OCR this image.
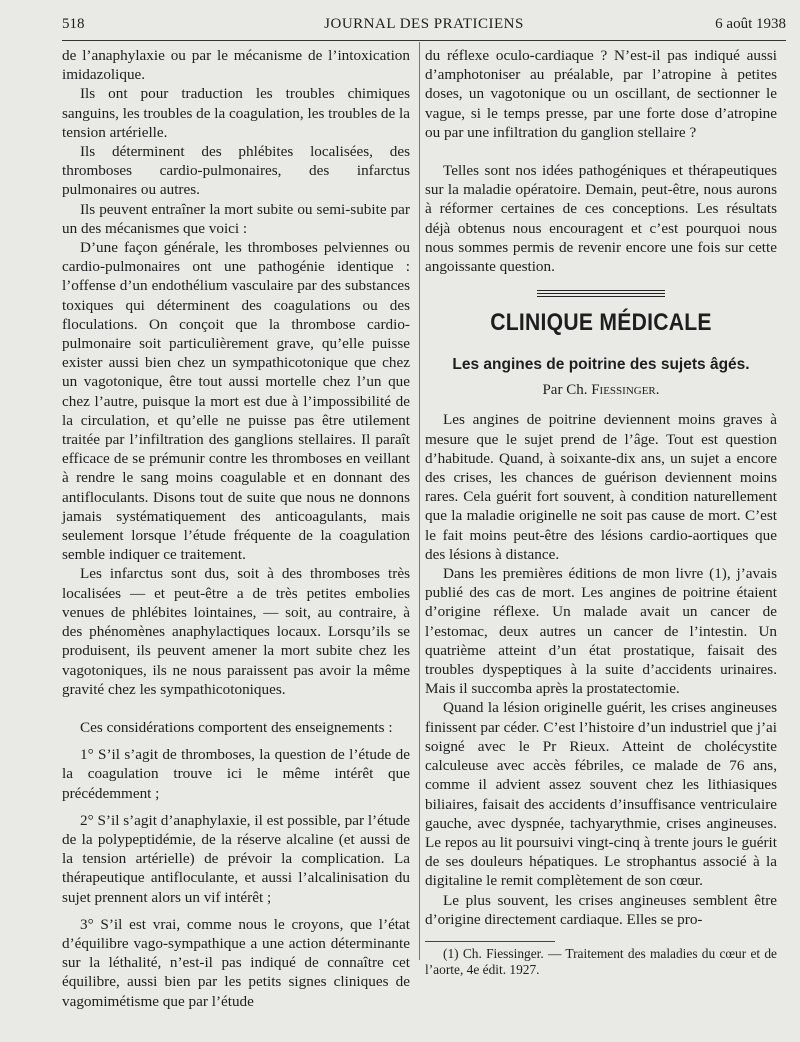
518	JOURNAL DES PRATICIENS	6 août 1938

de l’anaphylaxie ou par le mécanisme de l’intoxication imidazolique.

Ils ont pour traduction les troubles chimiques sanguins, les troubles de la coagulation, les troubles de la tension artérielle.

Ils déterminent des phlébites localisées, des thromboses cardio-pulmonaires, des infarctus pulmonaires ou autres.

Ils peuvent entraîner la mort subite ou semi-subite par un des mécanismes que voici :

D’une façon générale, les thromboses pelviennes ou cardio-pulmonaires ont une pathogénie identique : l’offense d’un endothélium vasculaire par des substances toxiques qui déterminent des coagulations ou des floculations. On conçoit que la thrombose cardio-pulmonaire soit particulièrement grave, qu’elle puisse exister aussi bien chez un sympathicotonique que chez un vagotonique, être tout aussi mortelle chez l’un que chez l’autre, puisque la mort est due à l’impossibilité de la circulation, et qu’elle ne puisse pas être utilement traitée par l’infiltration des ganglions stellaires. Il paraît efficace de se prémunir contre les thromboses en veillant à rendre le sang moins coagulable et en donnant des antifloculants. Disons tout de suite que nous ne donnons jamais systématiquement des anticoagulants, mais seulement lorsque l’étude fréquente de la coagulation semble indiquer ce traitement.

Les infarctus sont dus, soit à des thromboses très localisées — et peut-être a de très petites embolies venues de phlébites lointaines, — soit, au contraire, à des phénomènes anaphylactiques locaux. Lorsqu’ils se produisent, ils peuvent amener la mort subite chez les vagotoniques, ils ne nous paraissent pas avoir la même gravité chez les sympathicotoniques.

Ces considérations comportent des enseignements :

1° S’il s’agit de thromboses, la question de l’étude de la coagulation trouve ici le même intérêt que précédemment ;

2° S’il s’agit d’anaphylaxie, il est possible, par l’étude de la polypeptidémie, de la réserve alcaline (et aussi de la tension artérielle) de prévoir la complication. La thérapeutique antifloculante, et aussi l’alcalinisation du sujet prennent alors un vif intérêt ;

3° S’il est vrai, comme nous le croyons, que l’état d’équilibre vago-sympathique a une action déterminante sur la léthalité, n’est-il pas indiqué de connaître cet équilibre, aussi bien par les petits signes cliniques de vagomimétisme que par l’étude

du réflexe oculo-cardiaque ? N’est-il pas indiqué aussi d’amphotoniser au préalable, par l’atropine à petites doses, un vagotonique ou un oscillant, de sectionner le vague, si le temps presse, par une forte dose d’atropine ou par une infiltration du ganglion stellaire ?

Telles sont nos idées pathogéniques et thérapeutiques sur la maladie opératoire. Demain, peut-être, nous aurons à réformer certaines de ces conceptions. Les résultats déjà obtenus nous encouragent et c’est pourquoi nous nous sommes permis de revenir encore une fois sur cette angoissante question.

CLINIQUE MÉDICALE
Les angines de poitrine des sujets âgés.
Par Ch. Fiessinger.

Les angines de poitrine deviennent moins graves à mesure que le sujet prend de l’âge. Tout est question d’habitude. Quand, à soixante-dix ans, un sujet a encore des crises, les chances de guérison deviennent moins rares. Cela guérit fort souvent, à condition naturellement que la maladie originelle ne soit pas cause de mort. C’est le fait moins peut-être des lésions cardio-aortiques que des lésions à distance.

Dans les premières éditions de mon livre (1), j’avais publié des cas de mort. Les angines de poitrine étaient d’origine réflexe. Un malade avait un cancer de l’estomac, deux autres un cancer de l’intestin. Un quatrième atteint d’un état prostatique, faisait des troubles dyspeptiques à la suite d’accidents urinaires. Mais il succomba après la prostatectomie.

Quand la lésion originelle guérit, les crises angineuses finissent par céder. C’est l’histoire d’un industriel que j’ai soigné avec le Pr Rieux. Atteint de cholécystite calculeuse avec accès fébriles, ce malade de 76 ans, comme il advient assez souvent chez les lithiasiques biliaires, faisait des accidents d’insuffisance ventriculaire gauche, avec dyspnée, tachyarythmie, crises angineuses. Le repos au lit poursuivi vingt-cinq à trente jours le guérit de ses douleurs hépatiques. Le strophantus associé à la digitaline le remit complètement de son cœur.

Le plus souvent, les crises angineuses semblent être d’origine directement cardiaque. Elles se pro-

(1) Ch. Fiessinger. — Traitement des maladies du cœur et de l’aorte, 4e édit. 1927.
